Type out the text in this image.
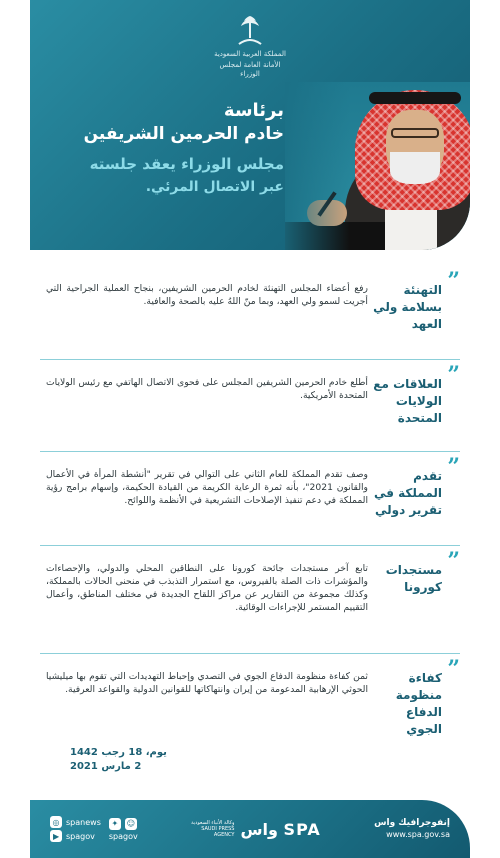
المملكة العربية السعودية
الأمانة العامة لمجلس الوزراء
برئاسة
خادم الحرمين الشريفين
مجلس الوزراء يعقد جلسته
عبر الاتصال المرئي.
”
التهنئة بسلامة ولي العهد
رفع أعضاء المجلس التهنئة لخادم الحرمين الشريفين، بنجاح العملية الجراحية التي أجريت لسمو ولي العهد، وبما منّ اللهُ عليه بالصحة والعافية.
”
العلاقات مع الولايات المتحدة
أطلع خادم الحرمين الشريفين المجلس على فحوى الاتصال الهاتفي مع رئيس الولايات المتحدة الأمريكية.
”
تقدم المملكة في تقرير دولي
وصف تقدم المملكة للعام الثاني على التوالي في تقرير "أنشطة المرأة في الأعمال والقانون 2021"، بأنه ثمرة الرعاية الكريمة من القيادة الحكيمة، وإسهام برامج رؤية المملكة في دعم تنفيذ الإصلاحات التشريعية في الأنظمة واللوائح.
”
مستجدات كورونا
تابع آخر مستجدات جائحة كورونا على النطاقين المحلي والدولي، والإحصاءات والمؤشرات ذات الصلة بالفيروس، مع استمرار التذبذب في منحنى الحالات بالمملكة، وكذلك مجموعة من التقارير عن مراكز اللقاح الجديدة في مختلف المناطق، وأعمال التقييم المستمر للإجراءات الوقائية.
”
كفاءة منظومة الدفاع الجوي
ثمن كفاءة منظومة الدفاع الجوي في التصدي وإحباط التهديدات التي تقوم بها ميليشيا الحوثي الإرهابية المدعومة من إيران وانتهاكاتها للقوانين الدولية والقواعد العرفية.
يوم، 18 رجب 1442
2 مارس 2021
إنفوجرافيك واس
www.spa.gov.sa
وكالة الأنباء السعودية
SAUDI PRESS
AGENCY واس SPA
◎ spanews
▶ spagov
✦	☺
spagov
